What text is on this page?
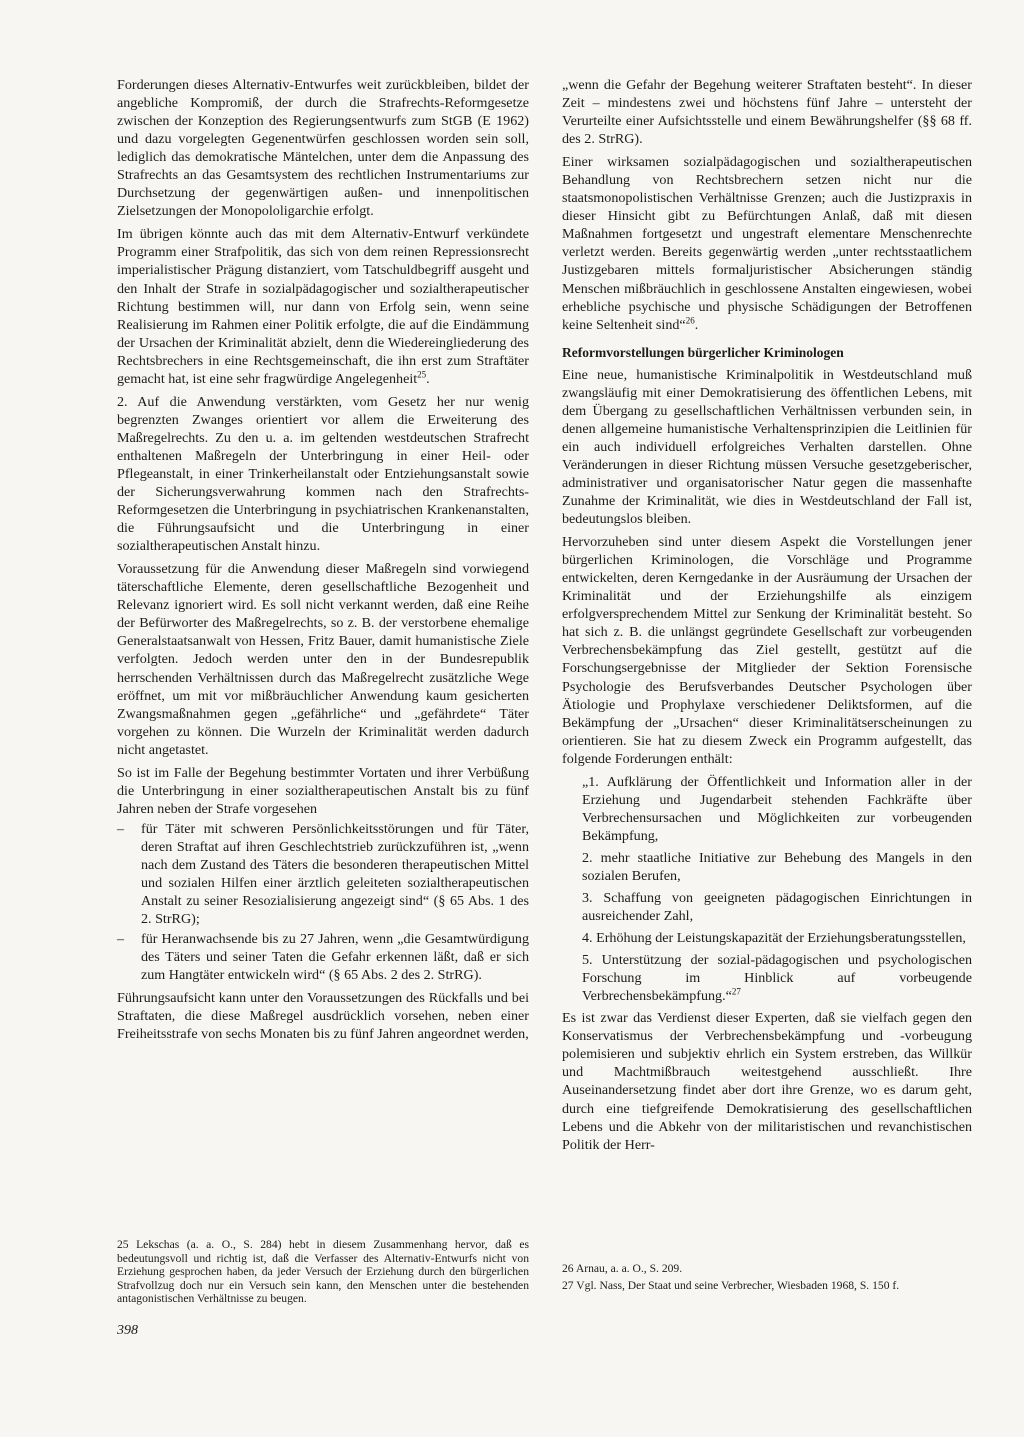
Forderungen dieses Alternativ-Entwurfes weit zurückbleiben, bildet der angebliche Kompromiß, der durch die Strafrechts-Reformgesetze zwischen der Konzeption des Regierungsentwurfs zum StGB (E 1962) und dazu vorgelegten Gegenentwürfen geschlossen worden sein soll, lediglich das demokratische Mäntelchen, unter dem die Anpassung des Strafrechts an das Gesamtsystem des rechtlichen Instrumentariums zur Durchsetzung der gegenwärtigen außen- und innenpolitischen Zielsetzungen der Monopololigarchie erfolgt.

Im übrigen könnte auch das mit dem Alternativ-Entwurf verkündete Programm einer Strafpolitik, das sich von dem reinen Repressionsrecht imperialistischer Prägung distanziert, vom Tatschuldbegriff ausgeht und den Inhalt der Strafe in sozialpädagogischer und sozialtherapeutischer Richtung bestimmen will, nur dann von Erfolg sein, wenn seine Realisierung im Rahmen einer Politik erfolgte, die auf die Eindämmung der Ursachen der Kriminalität abzielt, denn die Wiedereingliederung des Rechtsbrechers in eine Rechtsgemeinschaft, die ihn erst zum Straftäter gemacht hat, ist eine sehr fragwürdige Angelegenheit$^{25}$.

2. Auf die Anwendung verstärkten, vom Gesetz her nur wenig begrenzten Zwanges orientiert vor allem die Erweiterung des Maßregelrechts. Zu den u. a. im geltenden westdeutschen Strafrecht enthaltenen Maßregeln der Unterbringung in einer Heil- oder Pflegeanstalt, in einer Trinkerheilanstalt oder Entziehungsanstalt sowie der Sicherungsverwahrung kommen nach den Strafrechts-Reformgesetzen die Unterbringung in psychiatrischen Krankenanstalten, die Führungsaufsicht und die Unterbringung in einer sozialtherapeutischen Anstalt hinzu.

Voraussetzung für die Anwendung dieser Maßregeln sind vorwiegend täterschaftliche Elemente, deren gesellschaftliche Bezogenheit und Relevanz ignoriert wird. Es soll nicht verkannt werden, daß eine Reihe der Befürworter des Maßregelrechts, so z. B. der verstorbene ehemalige Generalstaatsanwalt von Hessen, Fritz Bauer, damit humanistische Ziele verfolgten. Jedoch werden unter den in der Bundesrepublik herrschenden Verhältnissen durch das Maßregelrecht zusätzliche Wege eröffnet, um mit vor mißbräuchlicher Anwendung kaum gesicherten Zwangsmaßnahmen gegen „gefährliche“ und „gefährdete“ Täter vorgehen zu können. Die Wurzeln der Kriminalität werden dadurch nicht angetastet.

So ist im Falle der Begehung bestimmter Vortaten und ihrer Verbüßung die Unterbringung in einer sozialtherapeutischen Anstalt bis zu fünf Jahren neben der Strafe vorgesehen

–	für Täter mit schweren Persönlichkeitsstörungen und für Täter, deren Straftat auf ihren Geschlechtstrieb zurückzuführen ist, „wenn nach dem Zustand des Täters die besonderen therapeutischen Mittel und sozialen Hilfen einer ärztlich geleiteten sozialtherapeutischen Anstalt zu seiner Resozialisierung angezeigt sind“ (§ 65 Abs. 1 des 2. StrRG);
–	für Heranwachsende bis zu 27 Jahren, wenn „die Gesamtwürdigung des Täters und seiner Taten die Gefahr erkennen läßt, daß er sich zum Hangtäter entwickeln wird“ (§ 65 Abs. 2 des 2. StrRG).

Führungsaufsicht kann unter den Voraussetzungen des Rückfalls und bei Straftaten, die diese Maßregel ausdrücklich vorsehen, neben einer Freiheitsstrafe von sechs Monaten bis zu fünf Jahren angeordnet werden,

„wenn die Gefahr der Begehung weiterer Straftaten besteht“. In dieser Zeit – mindestens zwei und höchstens fünf Jahre – untersteht der Verurteilte einer Aufsichtsstelle und einem Bewährungshelfer (§§ 68 ff. des 2. StrRG).

Einer wirksamen sozialpädagogischen und sozialtherapeutischen Behandlung von Rechtsbrechern setzen nicht nur die staatsmonopolistischen Verhältnisse Grenzen; auch die Justizpraxis in dieser Hinsicht gibt zu Befürchtungen Anlaß, daß mit diesen Maßnahmen fortgesetzt und ungestraft elementare Menschenrechte verletzt werden. Bereits gegenwärtig werden „unter rechtsstaatlichem Justizgebaren mittels formaljuristischer Absicherungen ständig Menschen mißbräuchlich in geschlossene Anstalten eingewiesen, wobei erhebliche psychische und physische Schädigungen der Betroffenen keine Seltenheit sind“$^{26}$.

Reformvorstellungen bürgerlicher Kriminologen

Eine neue, humanistische Kriminalpolitik in Westdeutschland muß zwangsläufig mit einer Demokratisierung des öffentlichen Lebens, mit dem Übergang zu gesellschaftlichen Verhältnissen verbunden sein, in denen allgemeine humanistische Verhaltensprinzipien die Leitlinien für ein auch individuell erfolgreiches Verhalten darstellen. Ohne Veränderungen in dieser Richtung müssen Versuche gesetzgeberischer, administrativer und organisatorischer Natur gegen die massenhafte Zunahme der Kriminalität, wie dies in Westdeutschland der Fall ist, bedeutungslos bleiben.

Hervorzuheben sind unter diesem Aspekt die Vorstellungen jener bürgerlichen Kriminologen, die Vorschläge und Programme entwickelten, deren Kerngedanke in der Ausräumung der Ursachen der Kriminalität und der Erziehungshilfe als einzigem erfolgversprechendem Mittel zur Senkung der Kriminalität besteht. So hat sich z. B. die unlängst gegründete Gesellschaft zur vorbeugenden Verbrechensbekämpfung das Ziel gestellt, gestützt auf die Forschungsergebnisse der Mitglieder der Sektion Forensische Psychologie des Berufsverbandes Deutscher Psychologen über Ätiologie und Prophylaxe verschiedener Deliktsformen, auf die Bekämpfung der „Ursachen“ dieser Kriminalitätserscheinungen zu orientieren. Sie hat zu diesem Zweck ein Programm aufgestellt, das folgende Forderungen enthält:

„1. Aufklärung der Öffentlichkeit und Information aller in der Erziehung und Jugendarbeit stehenden Fachkräfte über Verbrechensursachen und Möglichkeiten zur vorbeugenden Bekämpfung,

2. mehr staatliche Initiative zur Behebung des Mangels in den sozialen Berufen,

3. Schaffung von geeigneten pädagogischen Einrichtungen in ausreichender Zahl,

4. Erhöhung der Leistungskapazität der Erziehungsberatungsstellen,

5. Unterstützung der sozial-pädagogischen und psychologischen Forschung im Hinblick auf vorbeugende Verbrechensbekämpfung.“$^{27}$

Es ist zwar das Verdienst dieser Experten, daß sie vielfach gegen den Konservatismus der Verbrechensbekämpfung und -vorbeugung polemisieren und subjektiv ehrlich ein System erstreben, das Willkür und Machtmißbrauch weitestgehend ausschließt. Ihre Auseinandersetzung findet aber dort ihre Grenze, wo es darum geht, durch eine tiefgreifende Demokratisierung des gesellschaftlichen Lebens und die Abkehr von der militaristischen und revanchistischen Politik der Herr-

25 Lekschas (a. a. O., S. 284) hebt in diesem Zusammenhang hervor, daß es bedeutungsvoll und richtig ist, daß die Verfasser des Alternativ-Entwurfs nicht von Erziehung gesprochen haben, da jeder Versuch der Erziehung durch den bürgerlichen Strafvollzug doch nur ein Versuch sein kann, den Menschen unter die bestehenden antagonistischen Verhältnisse zu beugen.

26 Arnau, a. a. O., S. 209.

27 Vgl. Nass, Der Staat und seine Verbrecher, Wiesbaden 1968, S. 150 f.

398
